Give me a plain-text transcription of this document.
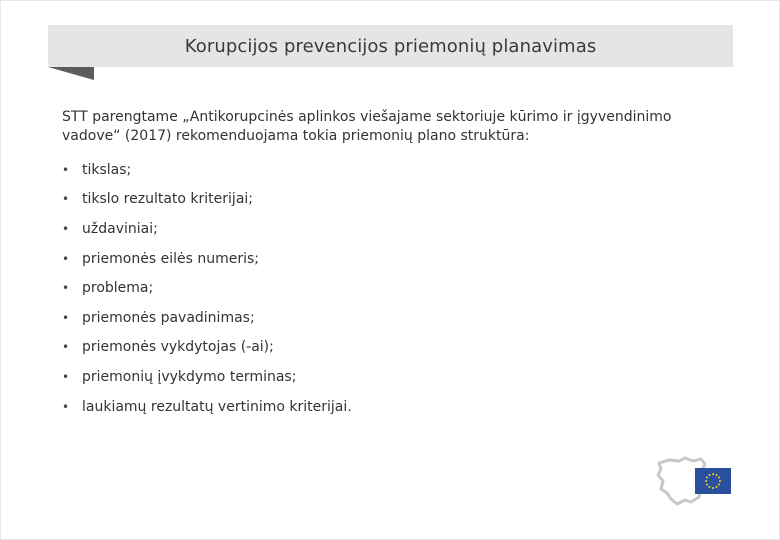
Korupcijos prevencijos priemonių planavimas
STT parengtame „Antikorupcinės aplinkos viešajame sektoriuje kūrimo ir įgyvendinimo vadove“ (2017) rekomenduojama tokia priemonių plano struktūra:
• tikslas;
• tikslo rezultato kriterijai;
• uždaviniai;
• priemonės eilės numeris;
• problema;
• priemonės pavadinimas;
• priemonės vykdytojas (-ai);
• priemonių įvykdymo terminas;
• laukiamų rezultatų vertinimo kriterijai.
